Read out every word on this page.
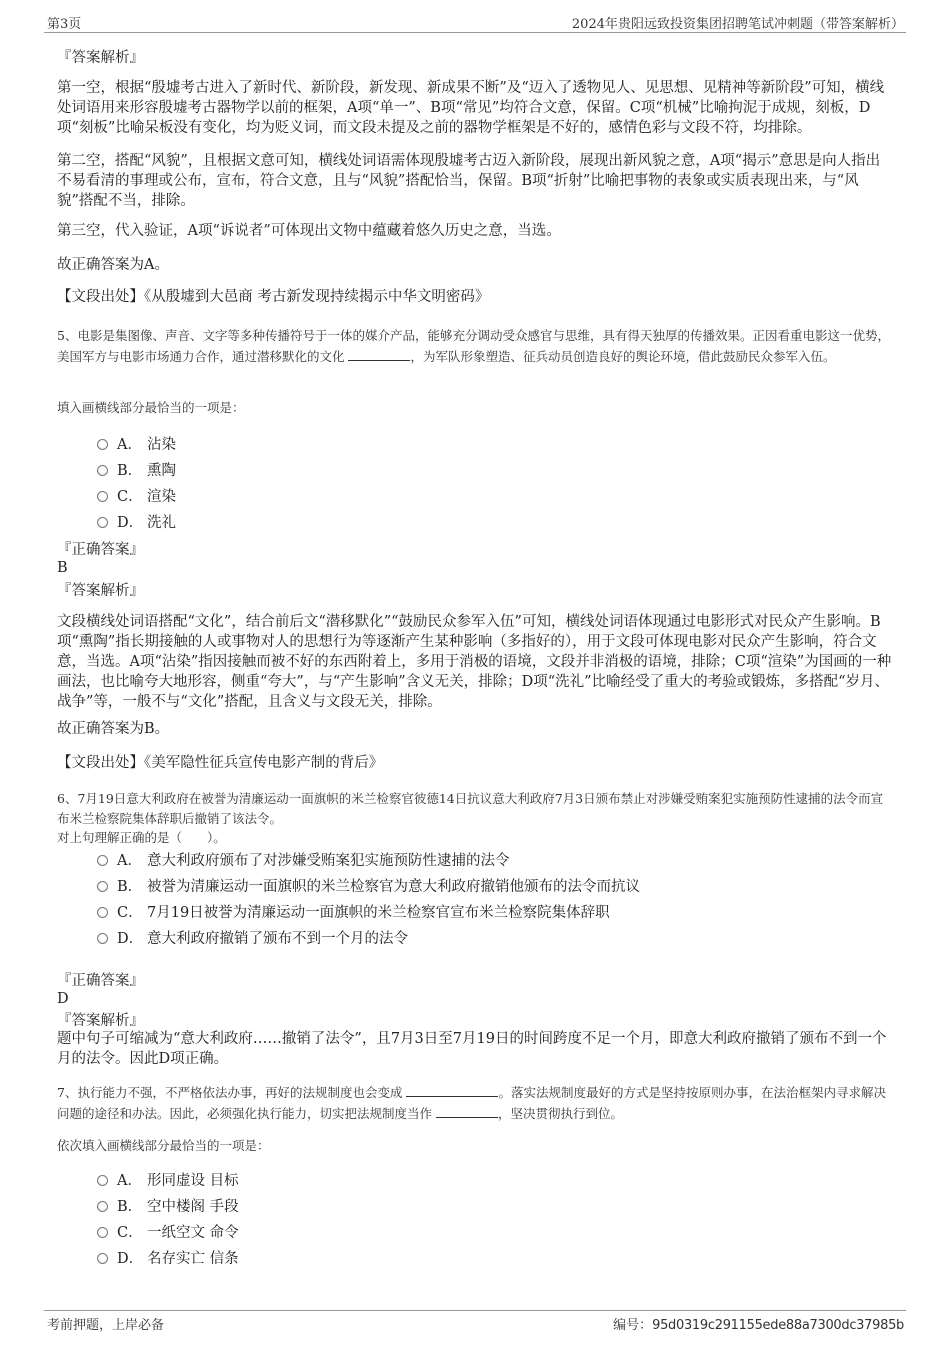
第3页	2024年贵阳远致投资集团招聘笔试冲刺题（带答案解析）

『答案解析』

第一空，根据“殷墟考古进入了新时代、新阶段，新发现、新成果不断”及“迈入了透物见人、见思想、见精神等新阶段”可知，横线处词语用来形容殷墟考古器物学以前的框架，A项“单一”、B项“常见”均符合文意，保留。C项“机械”比喻拘泥于成规，刻板，D项“刻板”比喻呆板没有变化，均为贬义词，而文段未提及之前的器物学框架是不好的，感情色彩与文段不符，均排除。

第二空，搭配“风貌”，且根据文意可知，横线处词语需体现殷墟考古迈入新阶段，展现出新风貌之意，A项“揭示”意思是向人指出不易看清的事理或公布，宣布，符合文意，且与“风貌”搭配恰当，保留。B项“折射”比喻把事物的表象或实质表现出来，与“风貌”搭配不当，排除。

第三空，代入验证，A项“诉说者”可体现出文物中蕴藏着悠久历史之意，当选。

故正确答案为A。

【文段出处】《从殷墟到大邑商 考古新发现持续揭示中华文明密码》

5、电影是集图像、声音、文字等多种传播符号于一体的媒介产品，能够充分调动受众感官与思维，具有得天独厚的传播效果。正因看重电影这一优势，美国军方与电影市场通力合作，通过潜移默化的文化	，为军队形象塑造、征兵动员创造良好的舆论环境，借此鼓励民众参军入伍。

填入画横线部分最恰当的一项是：

A． 沾染
B． 熏陶
C． 渲染
D． 洗礼

『正确答案』

B

『答案解析』

文段横线处词语搭配“文化”，结合前后文“潜移默化”“鼓励民众参军入伍”可知，横线处词语体现通过电影形式对民众产生影响。B项“熏陶”指长期接触的人或事物对人的思想行为等逐渐产生某种影响（多指好的），用于文段可体现电影对民众产生影响，符合文意，当选。A项“沾染”指因接触而被不好的东西附着上，多用于消极的语境，文段并非消极的语境，排除；C项“渲染”为国画的一种画法，也比喻夸大地形容，侧重“夸大”，与“产生影响”含义无关，排除；D项“洗礼”比喻经受了重大的考验或锻炼，多搭配“岁月、战争”等，一般不与“文化”搭配，且含义与文段无关，排除。

故正确答案为B。

【文段出处】《美军隐性征兵宣传电影产制的背后》

6、7月19日意大利政府在被誉为清廉运动一面旗帜的米兰检察官彼德14日抗议意大利政府7月3日颁布禁止对涉嫌受贿案犯实施预防性逮捕的法令而宣布米兰检察院集体辞职后撤销了该法令。

对上句理解正确的是（　　）。

A． 意大利政府颁布了对涉嫌受贿案犯实施预防性逮捕的法令
B． 被誉为清廉运动一面旗帜的米兰检察官为意大利政府撤销他颁布的法令而抗议
C． 7月19日被誉为清廉运动一面旗帜的米兰检察官宣布米兰检察院集体辞职
D． 意大利政府撤销了颁布不到一个月的法令

『正确答案』

D

『答案解析』

题中句子可缩减为“意大利政府……撤销了法令”，且7月3日至7月19日的时间跨度不足一个月，即意大利政府撤销了颁布不到一个月的法令。因此D项正确。

7、执行能力不强，不严格依法办事，再好的法规制度也会变成	。落实法规制度最好的方式是坚持按原则办事，在法治框架内寻求解决问题的途径和办法。因此，必须强化执行能力，切实把法规制度当作	，坚决贯彻执行到位。

依次填入画横线部分最恰当的一项是：

A． 形同虚设 目标
B． 空中楼阁 手段
C． 一纸空文 命令
D． 名存实亡 信条
考前押题，上岸必备	编号：95d0319c291155ede88a7300dc37985b
